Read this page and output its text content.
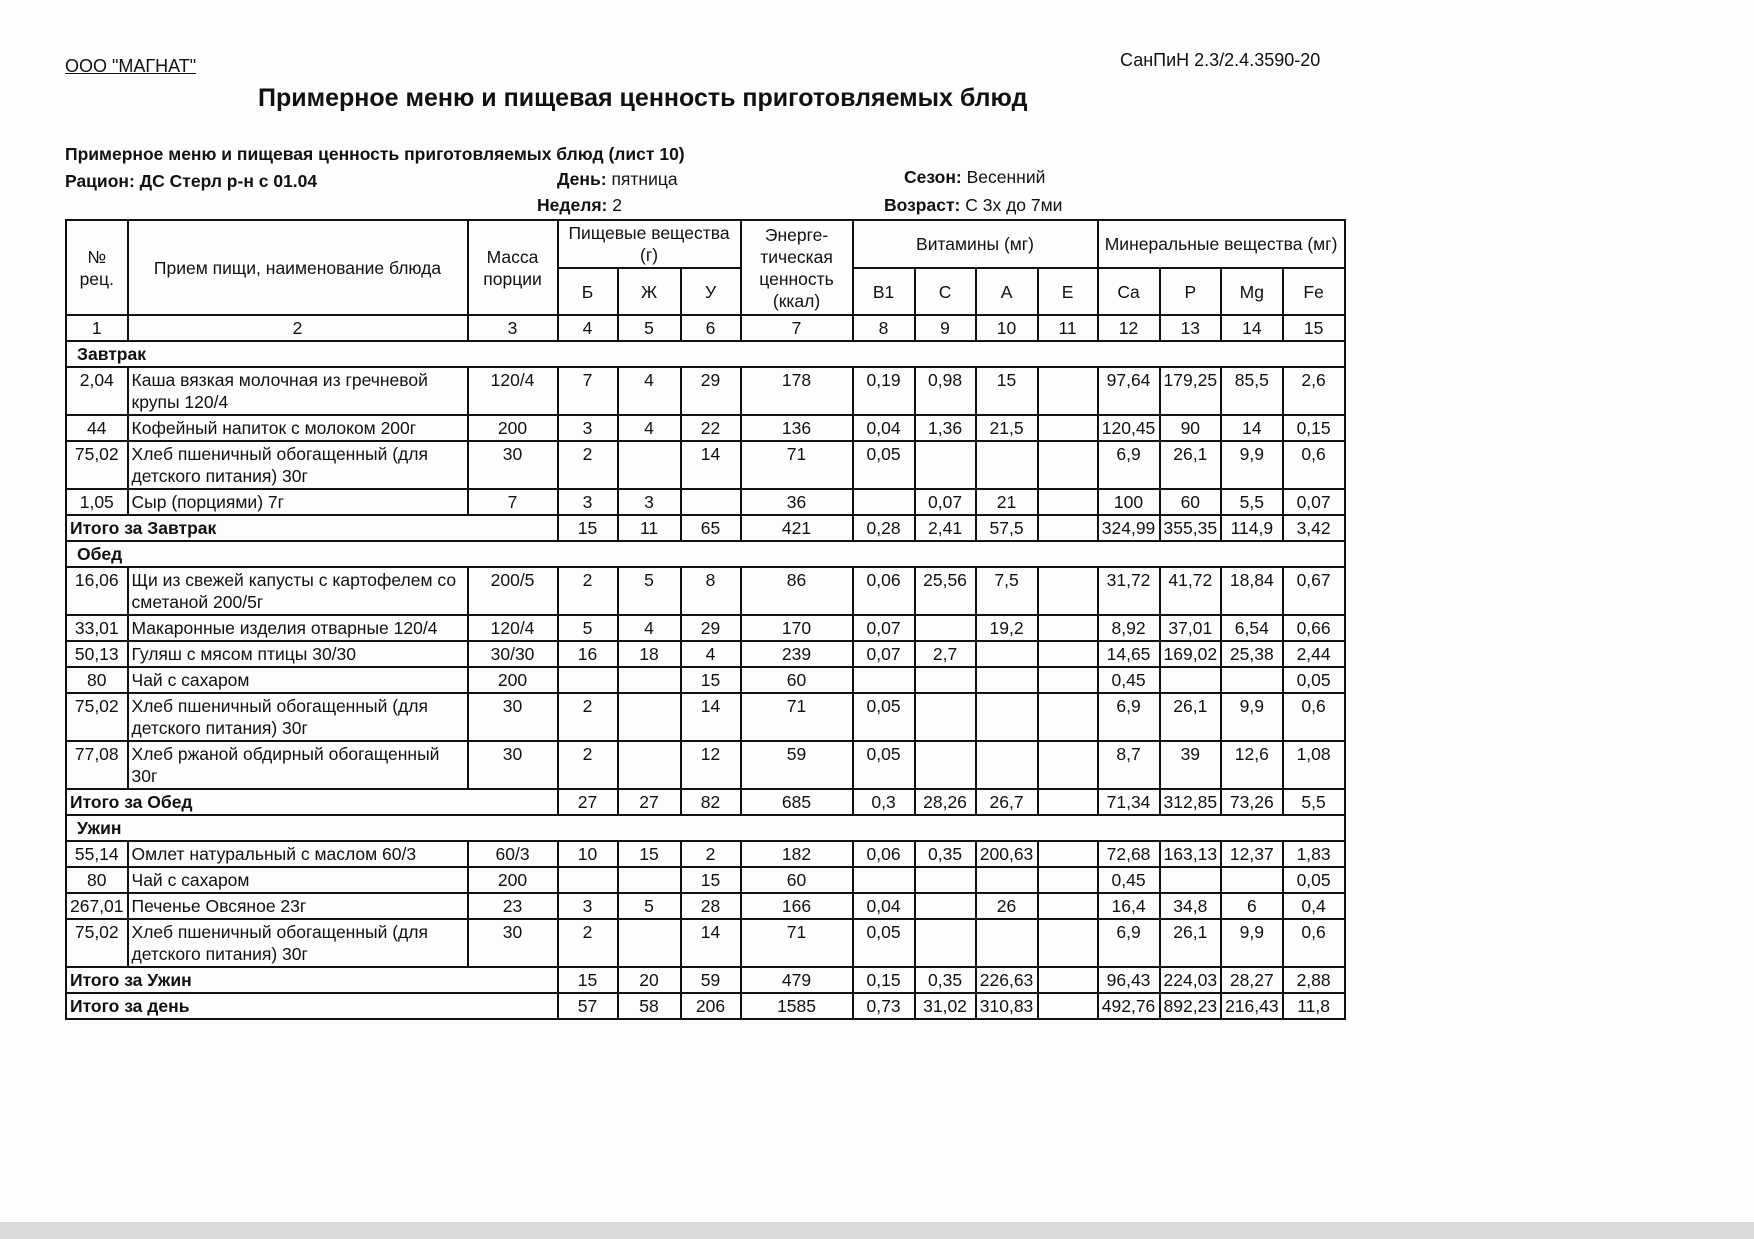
ООО "МАГНАТ"	СанПиН 2.3/2.4.3590-20
Примерное меню и пищевая ценность приготовляемых блюд
Примерное меню и пищевая ценность приготовляемых блюд (лист 10)
Рацион: ДС Стерл р-н с 01.04	День: пятница	Сезон: Весенний
Неделя: 2	Возраст: С 3х до 7ми
№ рец.	Прием пищи, наименование блюда	Масса порции	Пищевые вещества (г)			Энерге-тическая ценность (ккал)	Витамины (мг)				Минеральные вещества (мг)			
			Б	Ж	У		B1	C	A	E	Ca	P	Mg	Fe
1	2	3	4	5	6	7	8	9	10	11	12	13	14	15
Завтрак														
2,04	Каша вязкая молочная из гречневой крупы 120/4	120/4	7	4	29	178	0,19	0,98	15		97,64	179,25	85,5	2,6
44	Кофейный напиток с молоком 200г	200	3	4	22	136	0,04	1,36	21,5		120,45	90	14	0,15
75,02	Хлеб пшеничный обогащенный (для детского питания) 30г	30	2		14	71	0,05				6,9	26,1	9,9	0,6
1,05	Сыр (порциями) 7г	7	3	3		36		0,07	21		100	60	5,5	0,07
Итого за Завтрак			15	11	65	421	0,28	2,41	57,5		324,99	355,35	114,9	3,42
Обед														
16,06	Щи из свежей капусты с картофелем со сметаной 200/5г	200/5	2	5	8	86	0,06	25,56	7,5		31,72	41,72	18,84	0,67
33,01	Макаронные изделия отварные 120/4	120/4	5	4	29	170	0,07		19,2		8,92	37,01	6,54	0,66
50,13	Гуляш с мясом птицы 30/30	30/30	16	18	4	239	0,07	2,7			14,65	169,02	25,38	2,44
80	Чай с сахаром	200			15	60					0,45			0,05
75,02	Хлеб пшеничный обогащенный (для детского питания) 30г	30	2		14	71	0,05				6,9	26,1	9,9	0,6
77,08	Хлеб ржаной обдирный обогащенный 30г	30	2		12	59	0,05				8,7	39	12,6	1,08
Итого за Обед			27	27	82	685	0,3	28,26	26,7		71,34	312,85	73,26	5,5
Ужин														
55,14	Омлет натуральный с маслом 60/3	60/3	10	15	2	182	0,06	0,35	200,63		72,68	163,13	12,37	1,83
80	Чай с сахаром	200			15	60					0,45			0,05
267,01	Печенье Овсяное 23г	23	3	5	28	166	0,04		26		16,4	34,8	6	0,4
75,02	Хлеб пшеничный обогащенный (для детского питания) 30г	30	2		14	71	0,05				6,9	26,1	9,9	0,6
Итого за Ужин			15	20	59	479	0,15	0,35	226,63		96,43	224,03	28,27	2,88
Итого за день			57	58	206	1585	0,73	31,02	310,83		492,76	892,23	216,43	11,8
